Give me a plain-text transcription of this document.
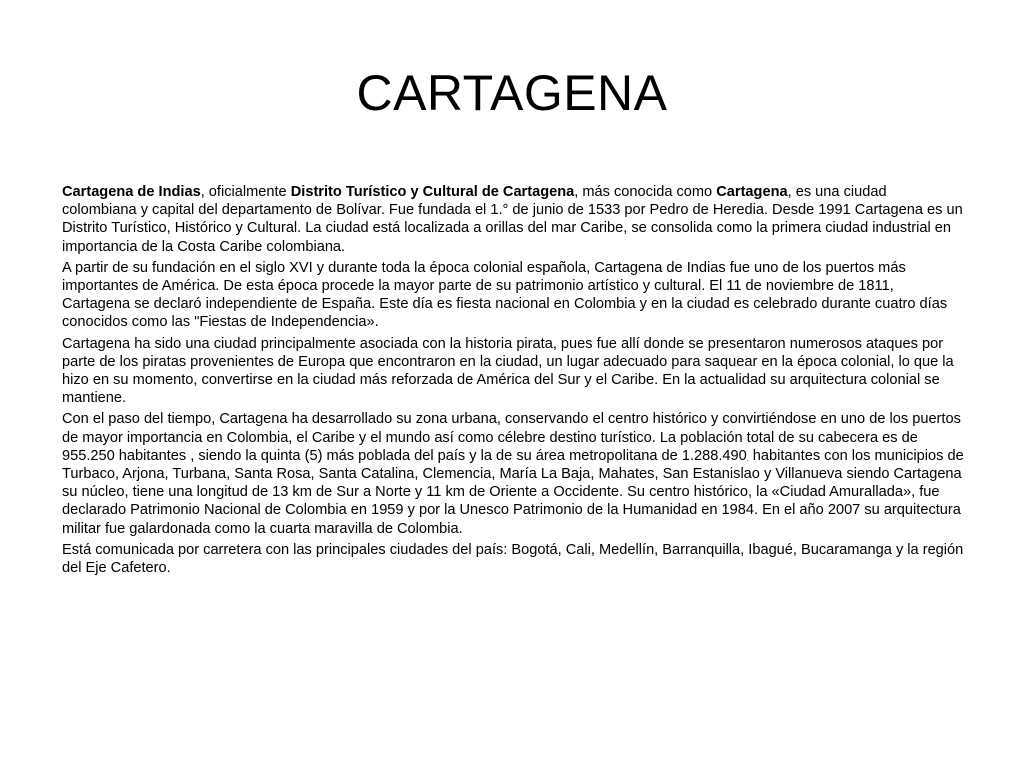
CARTAGENA

Cartagena de Indias, oficialmente Distrito Turístico y Cultural de Cartagena, más conocida como Cartagena, es una ciudad colombiana y capital del departamento de Bolívar. Fue fundada el 1.° de junio de 1533 por Pedro de Heredia. Desde 1991 Cartagena es un Distrito Turístico, Histórico y Cultural. La ciudad está localizada a orillas del mar Caribe, se consolida como la primera ciudad industrial en importancia de la Costa Caribe colombiana.

A partir de su fundación en el siglo XVI y durante toda la época colonial española, Cartagena de Indias fue uno de los puertos más importantes de América. De esta época procede la mayor parte de su patrimonio artístico y cultural. El 11 de noviembre de 1811, Cartagena se declaró independiente de España. Este día es fiesta nacional en Colombia y en la ciudad es celebrado durante cuatro días conocidos como las "Fiestas de Independencia».

Cartagena ha sido una ciudad principalmente asociada con la historia pirata, pues fue allí donde se presentaron numerosos ataques por parte de los piratas provenientes de Europa que encontraron en la ciudad, un lugar adecuado para saquear en la época colonial, lo que la hizo en su momento, convertirse en la ciudad más reforzada de América del Sur y el Caribe. En la actualidad su arquitectura colonial se mantiene.

Con el paso del tiempo, Cartagena ha desarrollado su zona urbana, conservando el centro histórico y convirtiéndose en uno de los puertos de mayor importancia en Colombia, el Caribe y el mundo así como célebre destino turístico. La población total de su cabecera es de 955.250 habitantes , siendo la quinta (5) más poblada del país y la de su área metropolitana de 1.288.490. habitantes con los municipios de Turbaco, Arjona, Turbana, Santa Rosa, Santa Catalina, Clemencia, María La Baja, Mahates, San Estanislao y Villanueva siendo Cartagena su núcleo, tiene una longitud de 13 km de Sur a Norte y 11 km de Oriente a Occidente. Su centro histórico, la «Ciudad Amurallada», fue declarado Patrimonio Nacional de Colombia en 1959 y por la Unesco Patrimonio de la Humanidad en 1984. En el año 2007 su arquitectura militar fue galardonada como la cuarta maravilla de Colombia.

Está comunicada por carretera con las principales ciudades del país: Bogotá, Cali, Medellín, Barranquilla, Ibagué, Bucaramanga y la región del Eje Cafetero.
